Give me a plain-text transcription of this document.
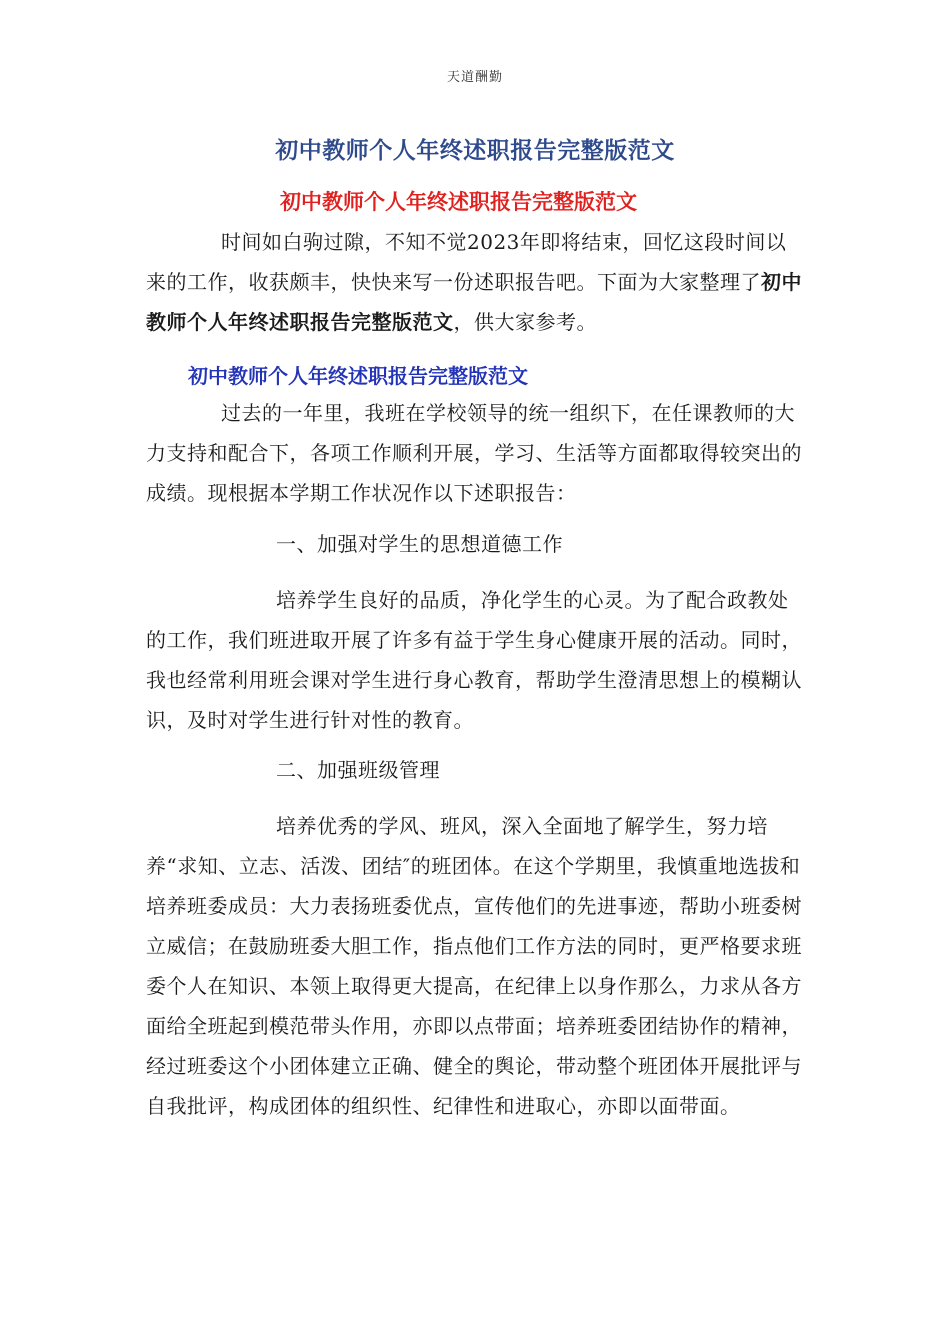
天道酬勤
初中教师个人年终述职报告完整版范文
初中教师个人年终述职报告完整版范文

时间如白驹过隙，不知不觉2023年即将结束，回忆这段时间以来的工作，收获颇丰，快快来写一份述职报告吧。下面为大家整理了初中教师个人年终述职报告完整版范文，供大家参考。

初中教师个人年终述职报告完整版范文

过去的一年里，我班在学校领导的统一组织下，在任课教师的大力支持和配合下，各项工作顺利开展，学习、生活等方面都取得较突出的成绩。现根据本学期工作状况作以下述职报告：

一、加强对学生的思想道德工作

培养学生良好的品质，净化学生的心灵。为了配合政教处的工作，我们班进取开展了许多有益于学生身心健康开展的活动。同时，我也经常利用班会课对学生进行身心教育，帮助学生澄清思想上的模糊认识，及时对学生进行针对性的教育。

二、加强班级管理

培养优秀的学风、班风，深入全面地了解学生，努力培养“求知、立志、活泼、团结″的班团体。在这个学期里，我慎重地选拔和培养班委成员：大力表扬班委优点，宣传他们的先进事迹，帮助小班委树立威信；在鼓励班委大胆工作，指点他们工作方法的同时，更严格要求班委个人在知识、本领上取得更大提高，在纪律上以身作那么，力求从各方面给全班起到模范带头作用，亦即以点带面；培养班委团结协作的精神，经过班委这个小团体建立正确、健全的舆论，带动整个班团体开展批评与自我批评，构成团体的组织性、纪律性和进取心，亦即以面带面。
